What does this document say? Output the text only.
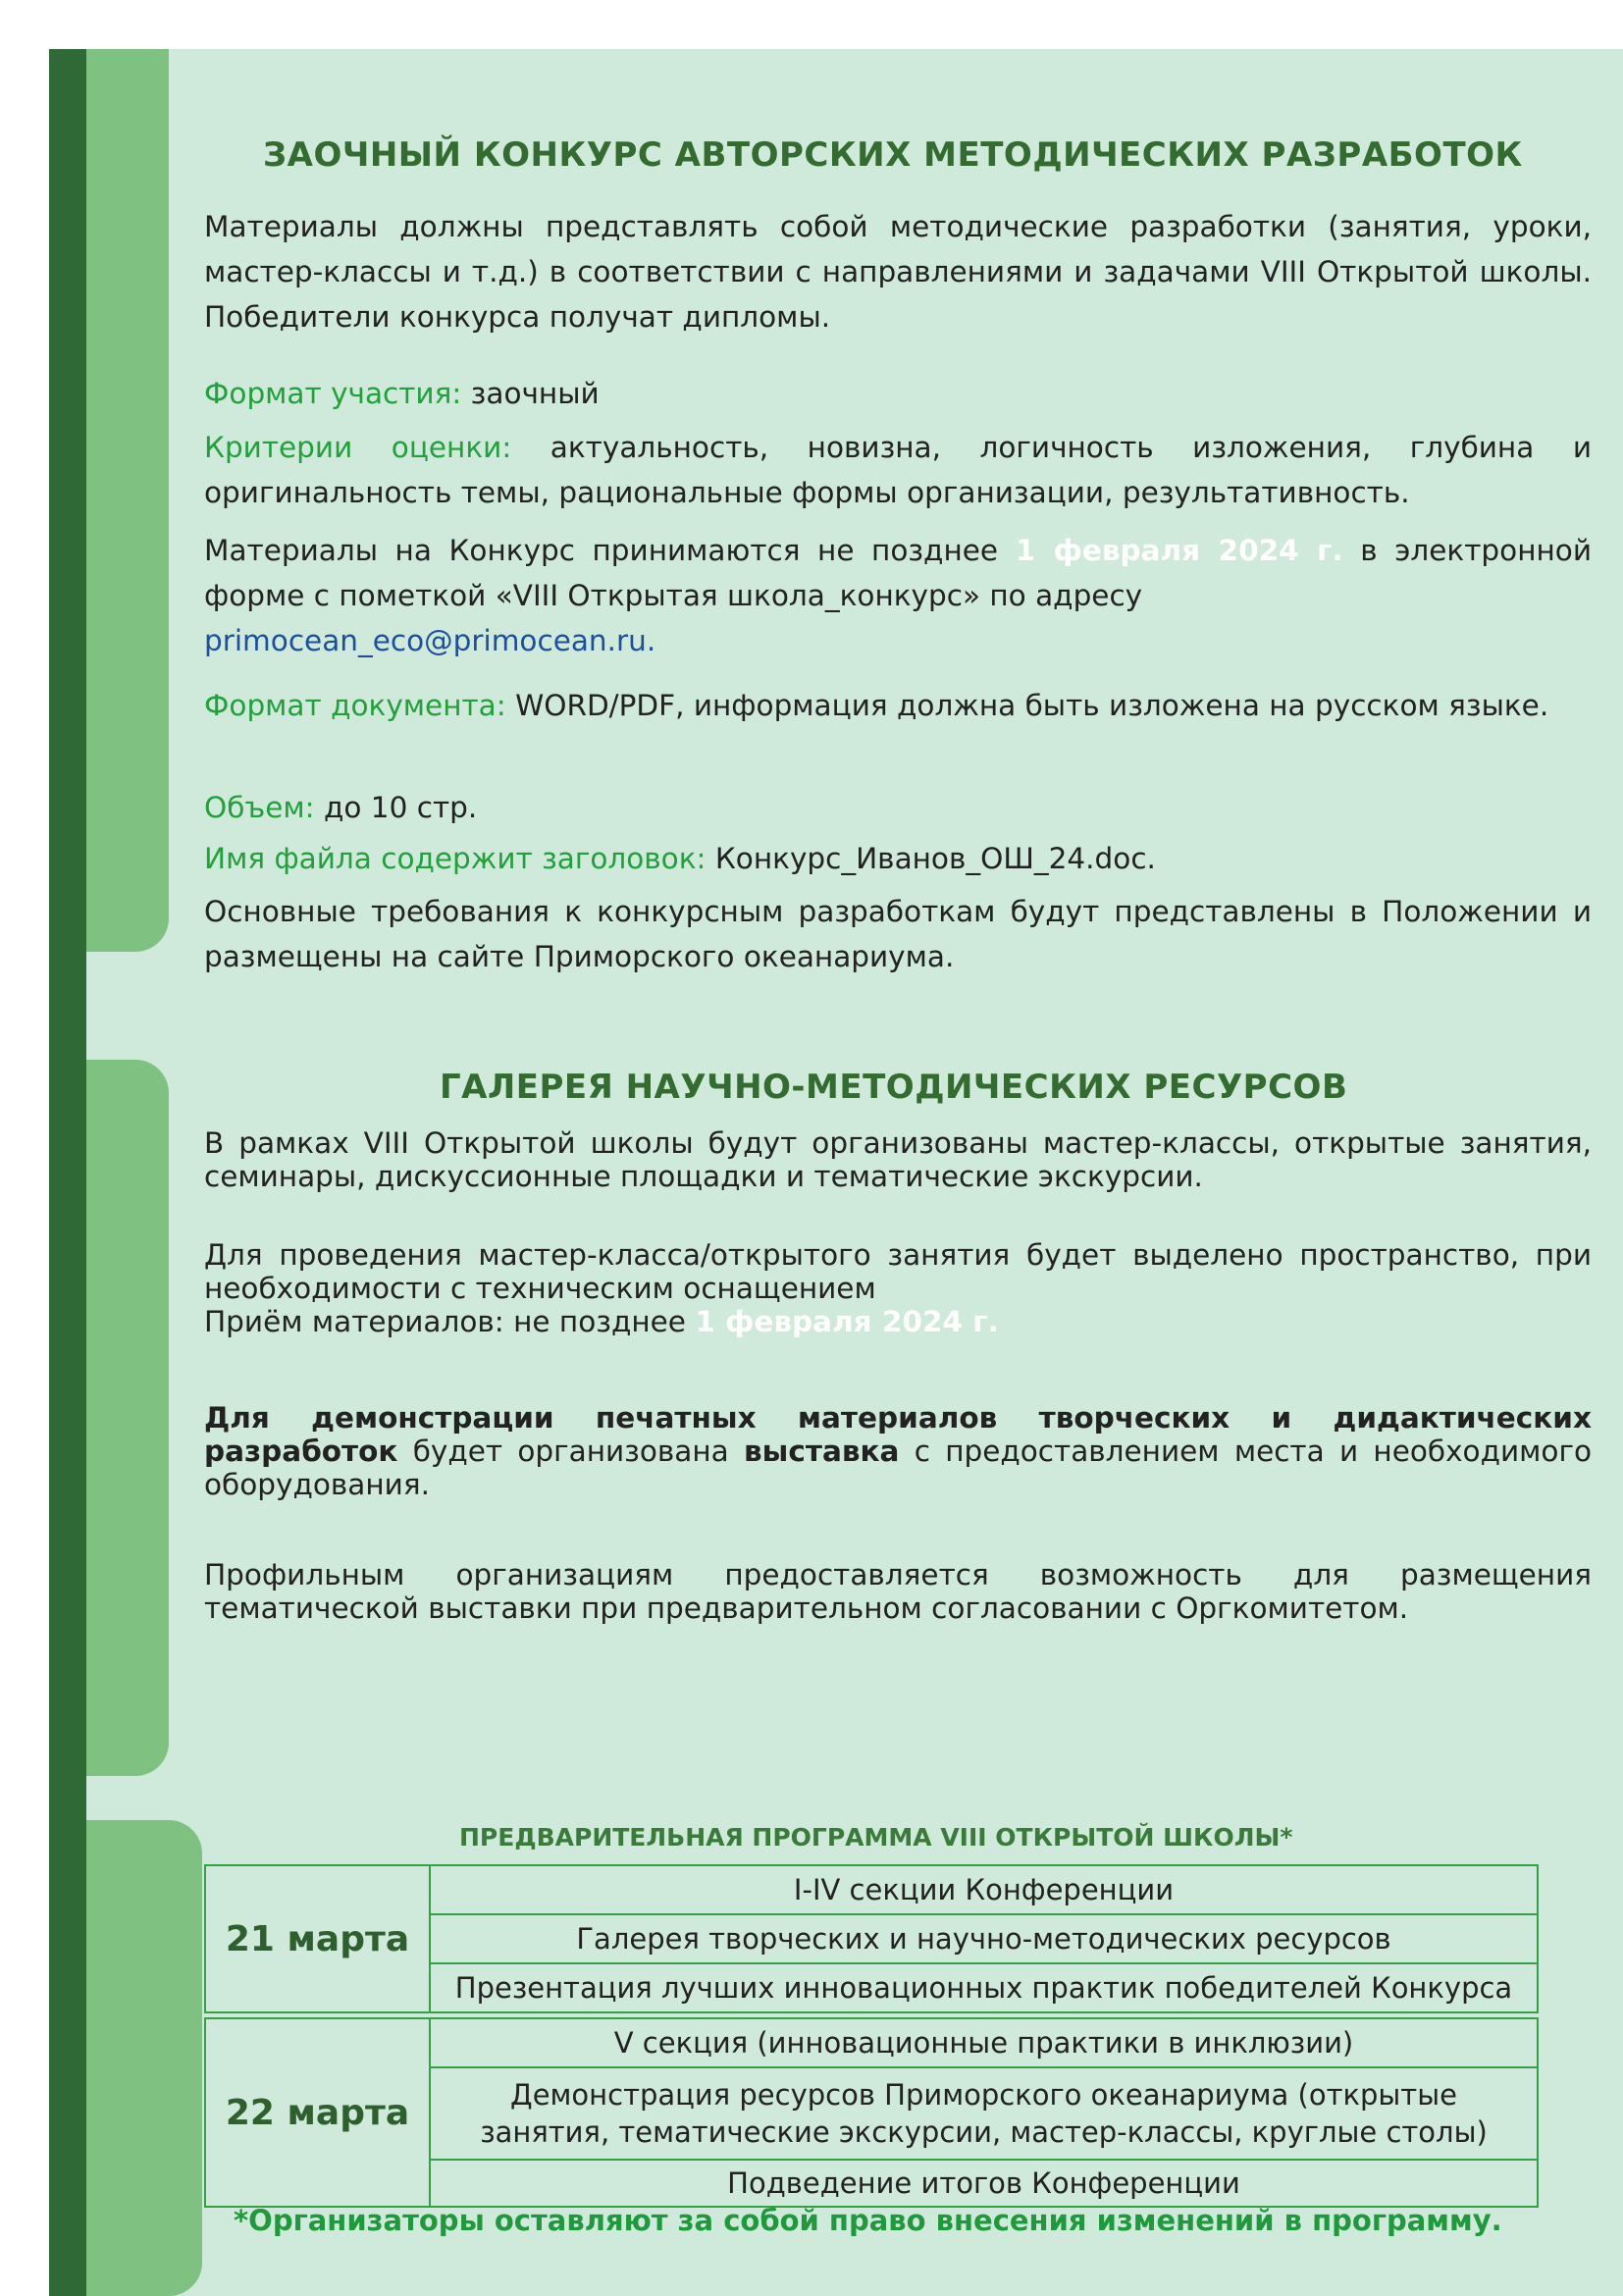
ЗАОЧНЫЙ КОНКУРС АВТОРСКИХ МЕТОДИЧЕСКИХ РАЗРАБОТОК
Материалы должны представлять собой методические разработки (занятия, уроки, мастер-классы и т.д.) в соответствии с направлениями и задачами VIII Открытой школы. Победители конкурса получат дипломы.
Формат участия: заочный
Критерии оценки: актуальность, новизна, логичность изложения, глубина и оригинальность темы, рациональные формы организации, результативность.
Материалы на Конкурс принимаются не позднее 1 февраля 2024 г. в электронной форме с пометкой «VIII Открытая школа_конкурс» по адресу
primocean_eco@primocean.ru.
Формат документа: WORD/PDF, информация должна быть изложена на русском языке.
Объем: до 10 стр.
Имя файла содержит заголовок: Конкурс_Иванов_ОШ_24.doc.
Основные требования к конкурсным разработкам будут представлены в Положении и размещены на сайте Приморского океанариума.
ГАЛЕРЕЯ НАУЧНО-МЕТОДИЧЕСКИХ РЕСУРСОВ
В рамках VIII Открытой школы будут организованы мастер-классы, открытые занятия, семинары, дискуссионные площадки и тематические экскурсии.
Для проведения мастер-класса/открытого занятия будет выделено пространство, при необходимости с техническим оснащением
Приём материалов: не позднее 1 февраля 2024 г.
Для демонстрации печатных материалов творческих и дидактических разработок будет организована выставка с предоставлением места и необходимого оборудования.
Профильным организациям предоставляется возможность для размещения тематической выставки при предварительном согласовании с Оргкомитетом.
ПРЕДВАРИТЕЛЬНАЯ ПРОГРАММА VIII ОТКРЫТОЙ ШКОЛЫ*
21 марта	I-IV секции Конференции
Галерея творческих и научно-методических ресурсов
Презентация лучших инновационных практик победителей Конкурса
22 марта	V секция (инновационные практики в инклюзии)
Демонстрация ресурсов Приморского океанариума (открытые занятия, тематические экскурсии, мастер-классы, круглые столы)
Подведение итогов Конференции
*Организаторы оставляют за собой право внесения изменений в программу.
